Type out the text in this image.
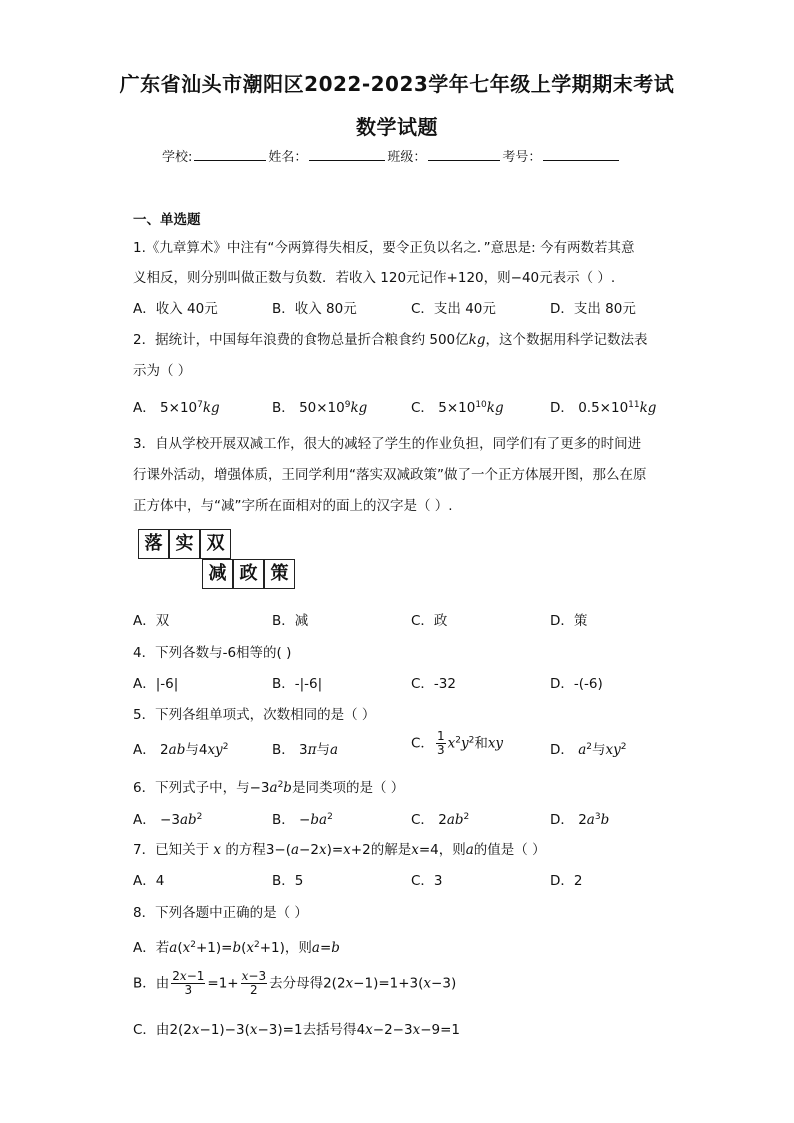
广东省汕头市潮阳区2022-2023学年七年级上学期期末考试
数学试题
学校:	姓名：	班级：	考号：
一、单选题
1.《九章算术》中注有“今两算得失相反，要令正负以名之．”意思是: 今有两数若其意
义相反，则分别叫做正数与负数．若收入 120元记作+120，则−40元表示（ ）.
A．收入 40元	B．收入 80元	C．支出 40元	D．支出 80元
2．据统计，中国每年浪费的食物总量折合粮食约 500亿kg，这个数据用科学记数法表
示为（ ）
A． $5\times 10^7kg$	B． $50\times 10^9kg$	C． $5\times 10^{10}kg$	D． $0.5\times 10^{11}kg$
3．自从学校开展双减工作，很大的减轻了学生的作业负担，同学们有了更多的时间进
行课外活动，增强体质，王同学利用“落实双减政策”做了一个正方体展开图，那么在原
正方体中，与“减”字所在面相对的面上的汉字是（ ）.
落 实 双
减 政 策
A．双	B．减	C．政	D．策
4．下列各数与-6相等的( )
A．|-6|	B．-|-6|	C．-32	D．-(-6)
5．下列各组单项式，次数相同的是（ ）
A． 2ab与$4xy^2$	B． 3π与a	C． $\frac{1}{3} x^2y^2$和xy	D． $a^2$与$xy^2$
6．下列式子中，与$-3a^2b$是同类项的是（ ）
A． $-3ab^2$	B． $-ba^2$	C． $2ab^2$	D． $2a^3b$
7．已知关于 x 的方程3−(a−2x)=x+2的解是x=4，则a的值是（ ）
A．4	B．5	C．3	D．2
8．下列各题中正确的是（ ）
A．若$a(x^2+1)=b(x^2+1)$，则a=b
B．由 $\frac{2x-1}{3} =1+ \frac{x-3}{2}$ 去分母得2(2x−1)=1+3(x−3)
C．由2(2x−1)−3(x−3)=1去括号得4x−2−3x−9=1
